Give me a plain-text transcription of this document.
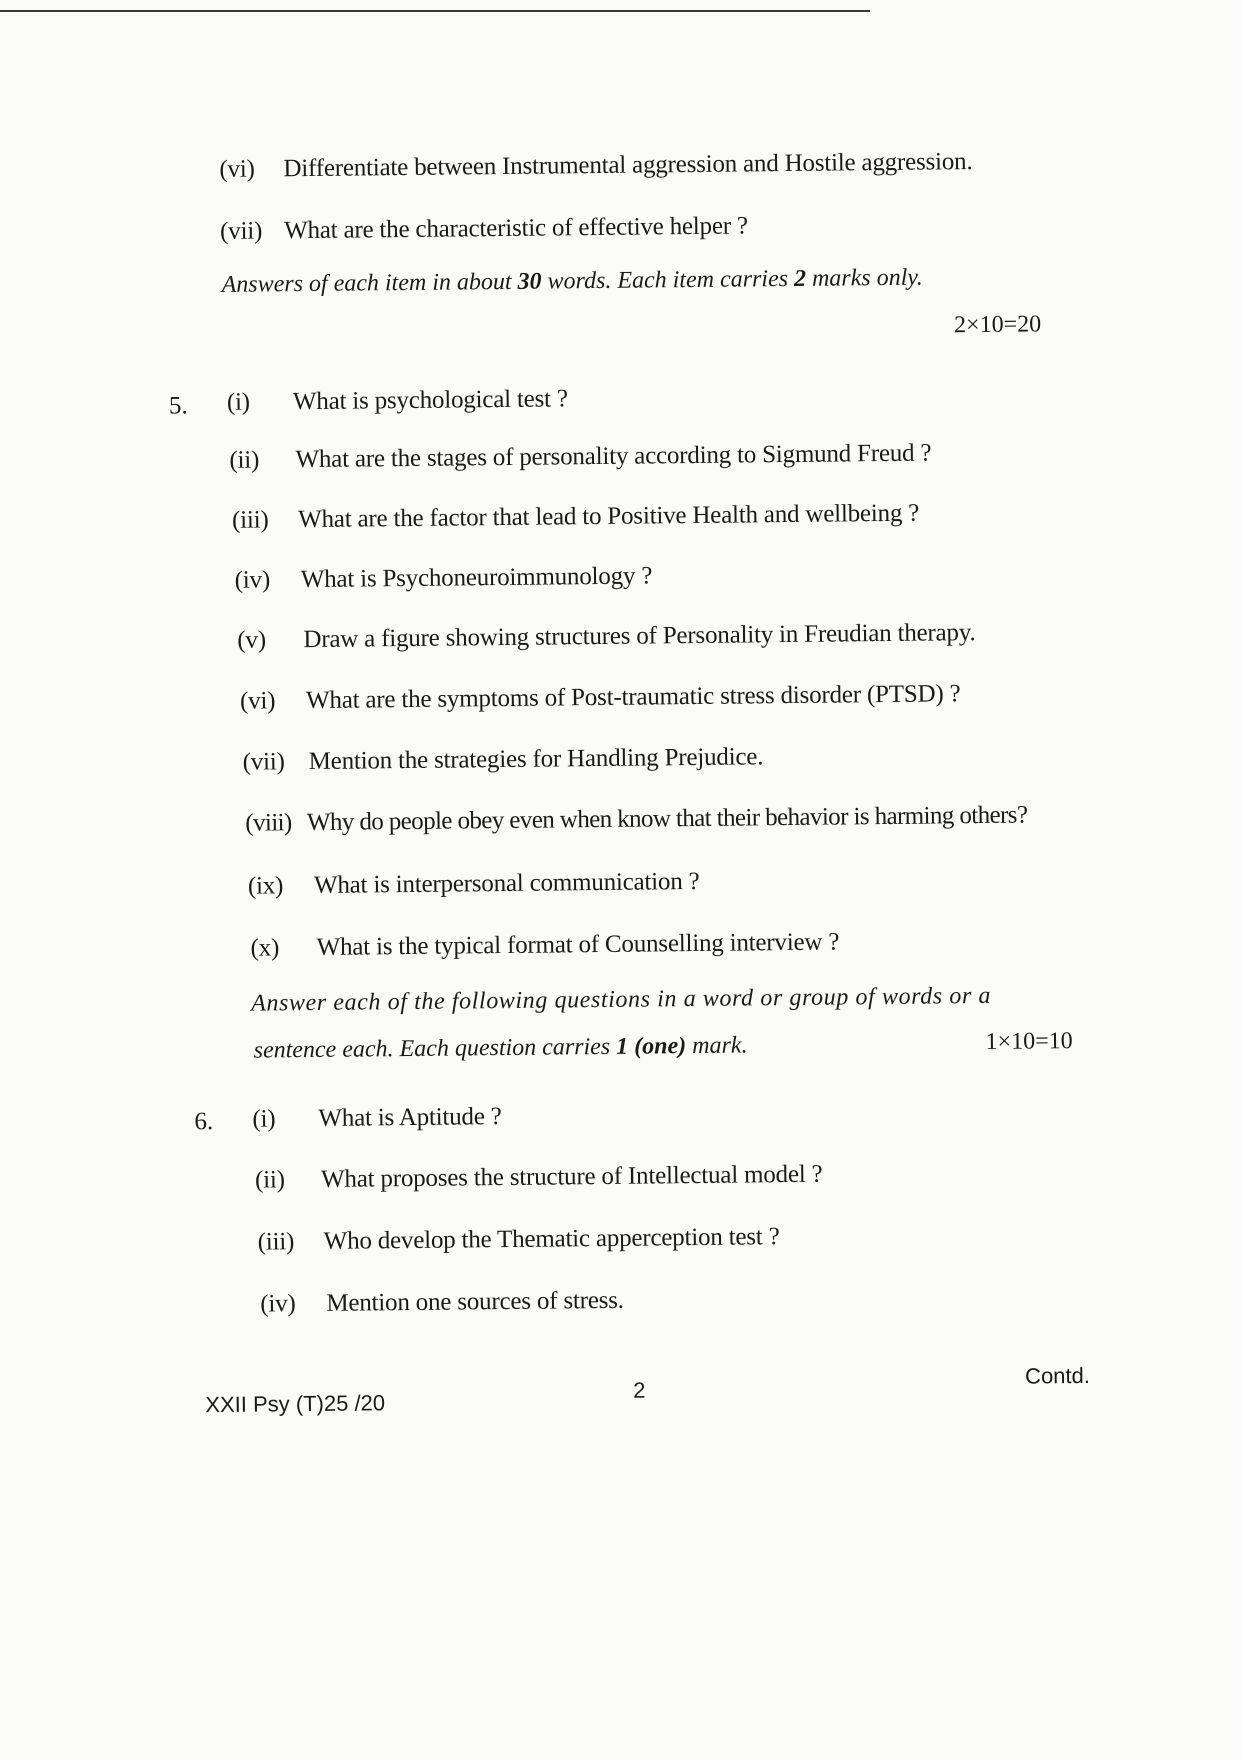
(vi) Differentiate between Instrumental aggression and Hostile aggression.
(vii) What are the characteristic of effective helper ?
Answers of each item in about 30 words. Each item carries 2 marks only.
2×10=20
5. (i) What is psychological test ?
(ii) What are the stages of personality according to Sigmund Freud ?
(iii) What are the factor that lead to Positive Health and wellbeing ?
(iv) What is Psychoneuroimmunology ?
(v) Draw a figure showing structures of Personality in Freudian therapy.
(vi) What are the symptoms of Post-traumatic stress disorder (PTSD) ?
(vii) Mention the strategies for Handling Prejudice.
(viii) Why do people obey even when know that their behavior is harming others?
(ix) What is interpersonal communication ?
(x) What is the typical format of Counselling interview ?
Answer each of the following questions in a word or group of words or a
sentence each. Each question carries 1 (one) mark.	1×10=10
6. (i) What is Aptitude ?
(ii) What proposes the structure of Intellectual model ?
(iii) Who develop the Thematic apperception test ?
(iv) Mention one sources of stress.
XXII Psy (T)25 /20
2
Contd.
